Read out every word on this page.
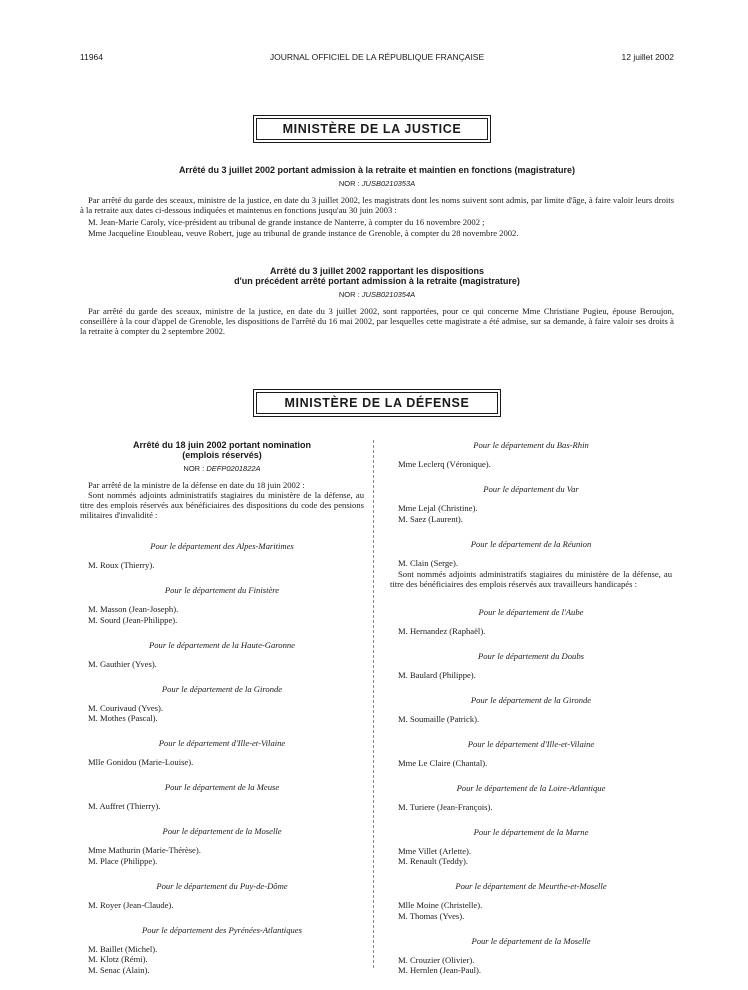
11964	JOURNAL OFFICIEL DE LA RÉPUBLIQUE FRANÇAISE	12 juillet 2002
MINISTÈRE DE LA JUSTICE
Arrêté du 3 juillet 2002 portant admission à la retraite et maintien en fonctions (magistrature)
NOR : JUSB0210353A
Par arrêté du garde des sceaux, ministre de la justice, en date du 3 juillet 2002, les magistrats dont les noms suivent sont admis, par limite d'âge, à faire valoir leurs droits à la retraite aux dates ci-dessous indiquées et maintenus en fonctions jusqu'au 30 juin 2003 :
M. Jean-Marie Caroly, vice-président au tribunal de grande instance de Nanterre, à compter du 16 novembre 2002 ;
Mme Jacqueline Etoubleau, veuve Robert, juge au tribunal de grande instance de Grenoble, à compter du 28 novembre 2002.
Arrêté du 3 juillet 2002 rapportant les dispositions
d'un précédent arrêté portant admission à la retraite (magistrature)
NOR : JUSB0210354A
Par arrêté du garde des sceaux, ministre de la justice, en date du 3 juillet 2002, sont rapportées, pour ce qui concerne Mme Christiane Pugieu, épouse Beroujon, conseillère à la cour d'appel de Grenoble, les dispositions de l'arrêté du 16 mai 2002, par lesquelles cette magistrate a été admise, sur sa demande, à faire valoir ses droits à la retraite à compter du 2 septembre 2002.
MINISTÈRE DE LA DÉFENSE
Arrêté du 18 juin 2002 portant nomination
(emplois réservés)
NOR : DEFP0201822A
Par arrêté de la ministre de la défense en date du 18 juin 2002 :
Sont nommés adjoints administratifs stagiaires du ministère de la défense, au titre des emplois réservés aux bénéficiaires des dispositions du code des pensions militaires d'invalidité :
Pour le département des Alpes-Maritimes
M. Roux (Thierry).
Pour le département du Finistère
M. Masson (Jean-Joseph).
M. Sourd (Jean-Philippe).
Pour le département de la Haute-Garonne
M. Gauthier (Yves).
Pour le département de la Gironde
M. Courivaud (Yves).
M. Mothes (Pascal).
Pour le département d'Ille-et-Vilaine
Mlle Gonidou (Marie-Louise).
Pour le département de la Meuse
M. Auffret (Thierry).
Pour le département de la Moselle
Mme Mathurin (Marie-Thérèse).
M. Place (Philippe).
Pour le département du Puy-de-Dôme
M. Royer (Jean-Claude).
Pour le département des Pyrénées-Atlantiques
M. Baillet (Michel).
M. Klotz (Rémi).
M. Senac (Alain).
Pour le département du Bas-Rhin
Mme Leclerq (Véronique).
Pour le département du Var
Mme Lejal (Christine).
M. Saez (Laurent).
Pour le département de la Réunion
M. Clain (Serge).
Pour le département de l'Aube
M. Hernandez (Raphaël).
Pour le département du Doubs
M. Baulard (Philippe).
Pour le département de la Gironde
M. Soumaille (Patrick).
Pour le département d'Ille-et-Vilaine
Mme Le Claire (Chantal).
Pour le département de la Loire-Atlantique
M. Turiere (Jean-François).
Pour le département de la Marne
Mme Villet (Arlette).
M. Renault (Teddy).
Pour le département de Meurthe-et-Moselle
Mlle Moine (Christelle).
M. Thomas (Yves).
Pour le département de la Moselle
M. Crouzier (Olivier).
M. Hernlen (Jean-Paul).
Sont nommés adjoints administratifs stagiaires du ministère de la défense, au titre des bénéficiaires des emplois réservés aux travailleurs handicapés :
